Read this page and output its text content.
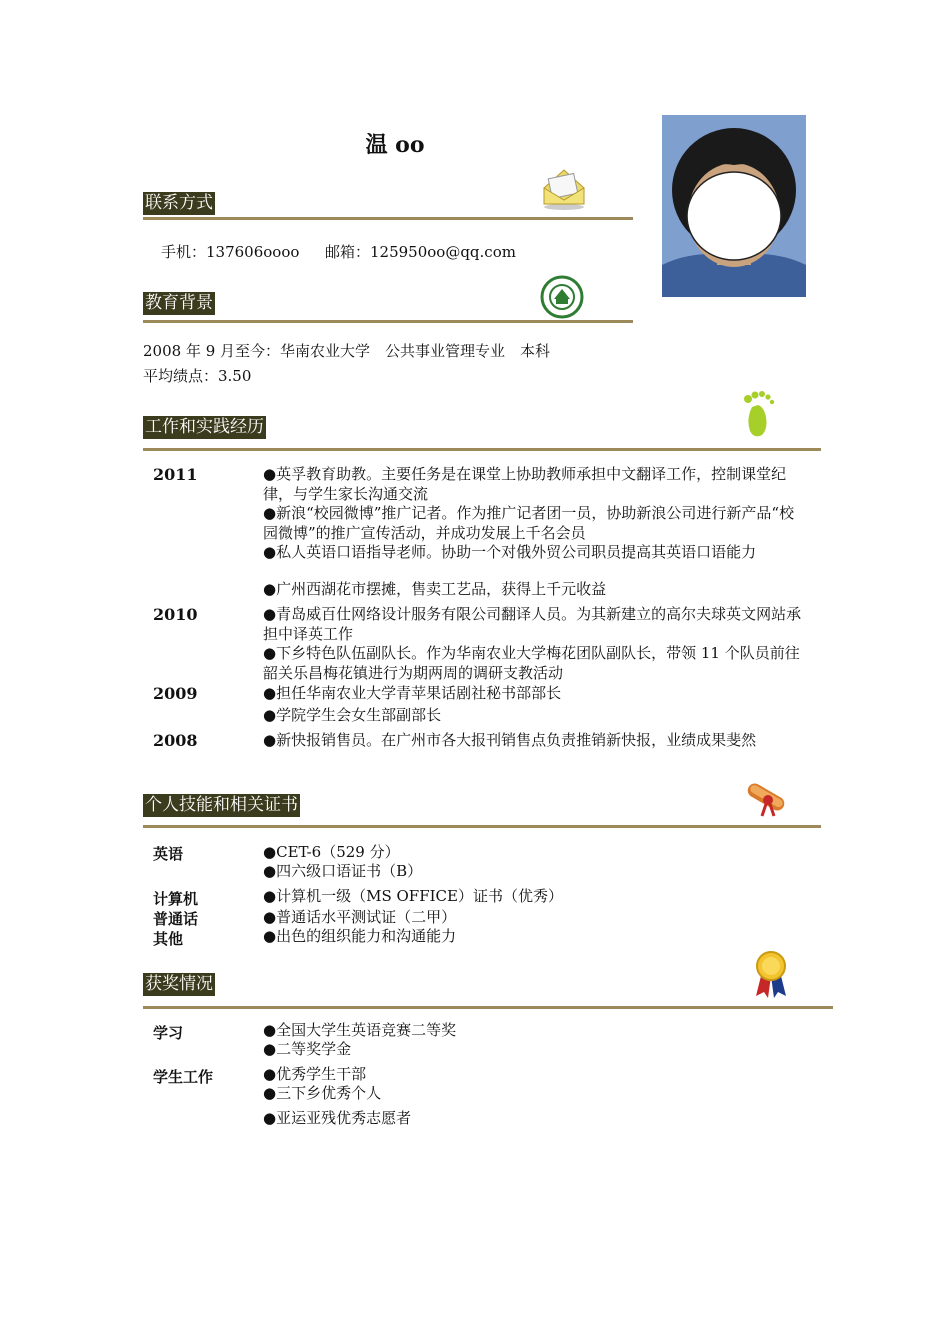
温 oo
联系方式
手机：137606oooo 邮箱：125950oo@qq.com
教育背景
2008 年 9 月至今：华南农业大学　公共事业管理专业　本科
平均绩点：3.50
工作和实践经历
2011	●英孚教育助教。主要任务是在课堂上协助教师承担中文翻译工作，控制课堂纪律，与学生家长沟通交流
●新浪“校园微博”推广记者。作为推广记者团一员，协助新浪公司进行新产品“校园微博”的推广宣传活动，并成功发展上千名会员
●私人英语口语指导老师。协助一个对俄外贸公司职员提高其英语口语能力
●广州西湖花市摆摊，售卖工艺品，获得上千元收益
2010	●青岛威百仕网络设计服务有限公司翻译人员。为其新建立的高尔夫球英文网站承担中译英工作
●下乡特色队伍副队长。作为华南农业大学梅花团队副队长，带领 11 个队员前往韶关乐昌梅花镇进行为期两周的调研支教活动
2009	●担任华南农业大学青苹果话剧社秘书部部长
●学院学生会女生部副部长
2008	●新快报销售员。在广州市各大报刊销售点负责推销新快报，业绩成果斐然
个人技能和相关证书
英语	●CET-6（529 分）
●四六级口语证书（B）
计算机	●计算机一级（MS OFFICE）证书（优秀）
普通话	●普通话水平测试证（二甲）
其他	●出色的组织能力和沟通能力
获奖情况
学习	●全国大学生英语竞赛二等奖
●二等奖学金
学生工作	●优秀学生干部
●三下乡优秀个人
●亚运亚残优秀志愿者
